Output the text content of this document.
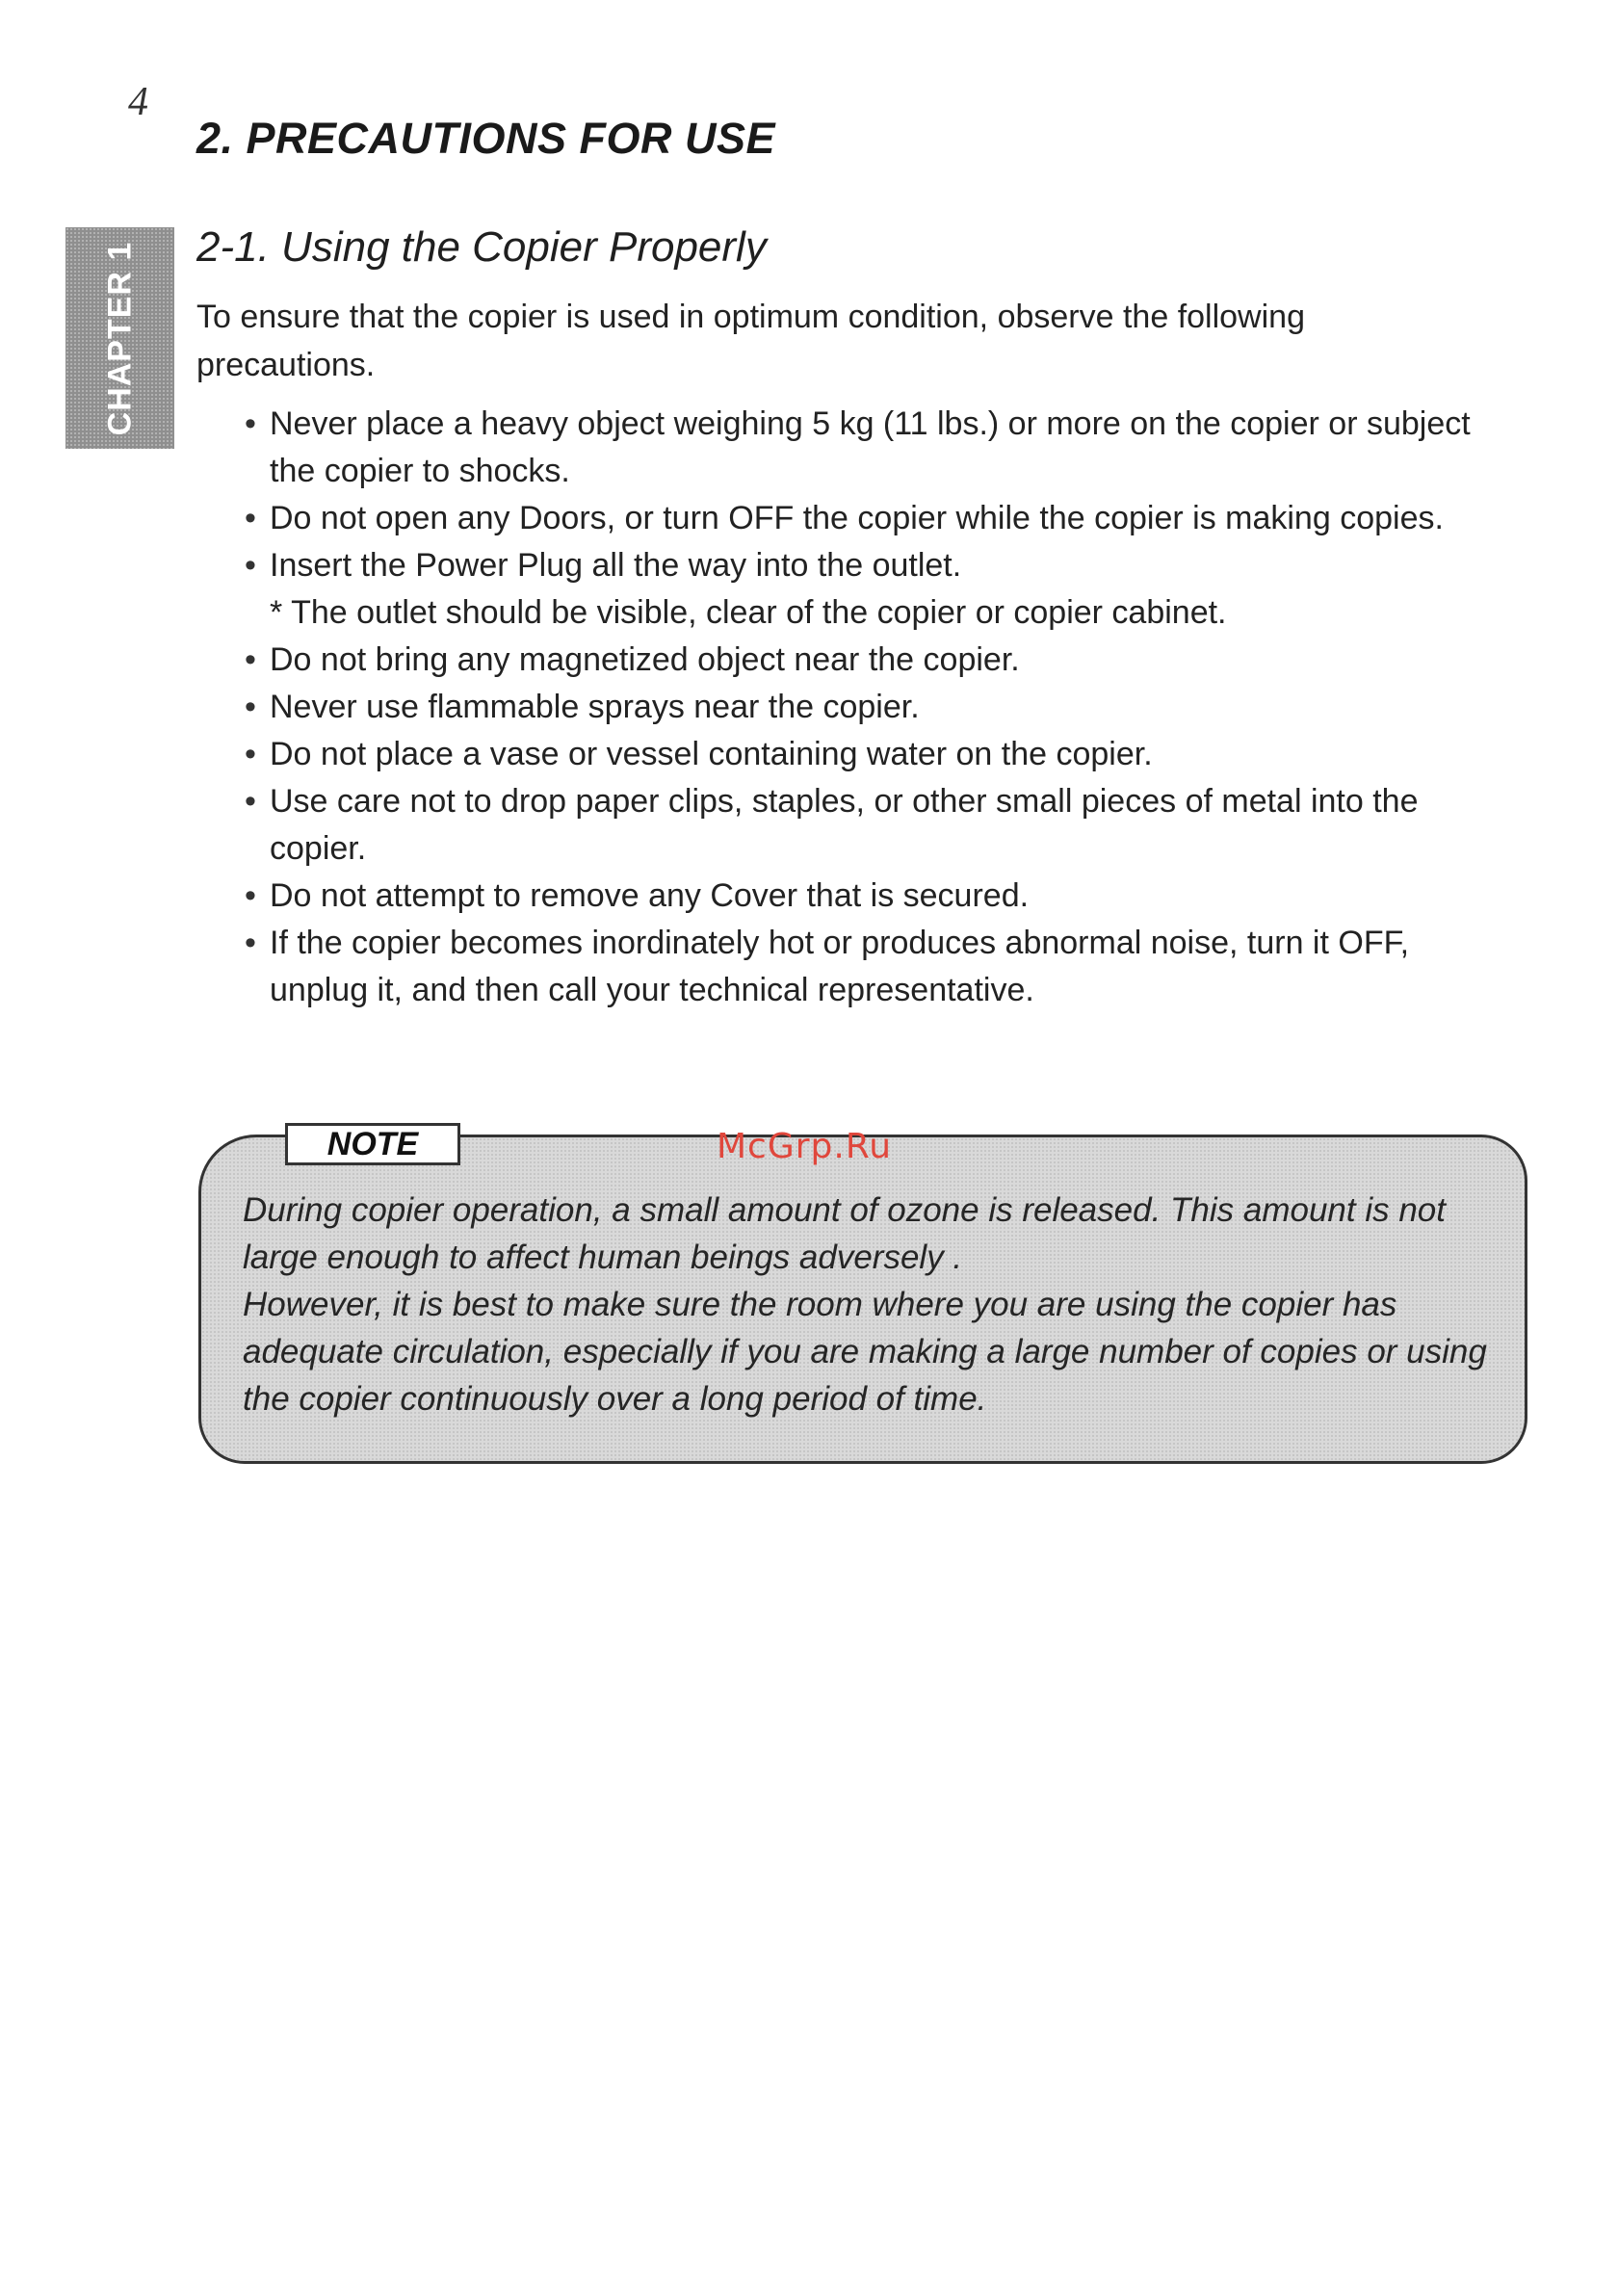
4
2. PRECAUTIONS FOR USE
CHAPTER 1 2-1. Using the Copier Properly
To ensure that the copier is used in optimum condition, observe the following precautions.
• Never place a heavy object weighing 5 kg (11 lbs.) or more on the copier or subject the copier to shocks.
• Do not open any Doors, or turn OFF the copier while the copier is making copies.
• Insert the Power Plug all the way into the outlet.
* The outlet should be visible, clear of the copier or copier cabinet.
• Do not bring any magnetized object near the copier.
• Never use flammable sprays near the copier.
• Do not place a vase or vessel containing water on the copier.
• Use care not to drop paper clips, staples, or other small pieces of metal into the copier.
• Do not attempt to remove any Cover that is secured.
• If the copier becomes inordinately hot or produces abnormal noise, turn it OFF, unplug it, and then call your technical representative.
NOTE	McGrp.Ru

During copier operation, a small amount of ozone is released. This amount is not large enough to affect human beings adversely .

However, it is best to make sure the room where you are using the copier has adequate circulation, especially if you are making a large number of copies or using the copier continuously over a long period of time.
